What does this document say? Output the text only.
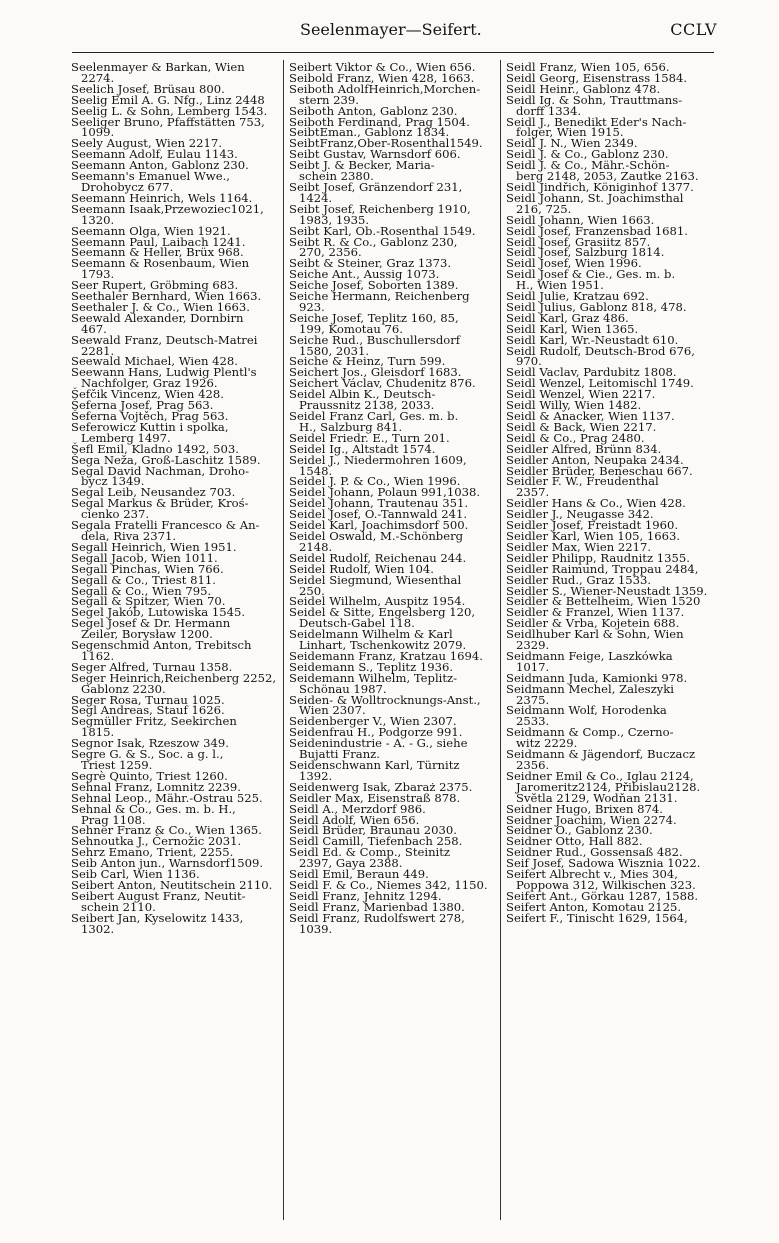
Seelenmayer—Seifert.	CCLV
Seelenmayer & Barkan, Wien
2274.
Seelich Josef, Brüsau 800.
Seelig Emil A. G. Nfg., Linz 2448
Seelig L. & Sohn, Lemberg 1543.
Seeliger Bruno, Pfaffstätten 753,
1099.
Seely August, Wien 2217.
Seemann Adolf, Eulau 1143.
Seemann Anton, Gablonz 230.
Seemann's Emanuel Wwe.,
Drohobycz 677.
Seemann Heinrich, Wels 1164.
Seemann Isaak,Przewoziec1021,
1320.
Seemann Olga, Wien 1921.
Seemann Paul, Laibach 1241.
Seemann & Heller, Brüx 968.
Seemann & Rosenbaum, Wien
1793.
Seer Rupert, Gröbming 683.
Seethaler Bernhard, Wien 1663.
Seethaler J. & Co., Wien 1663.
Seewald Alexander, Dornbirn
467.
Seewald Franz, Deutsch-Matrei
2281.
Seewald Michael, Wien 428.
Seewann Hans, Ludwig Plentl's
Nachfolger, Graz 1926.
Šefčik Vincenz, Wien 428.
Šeferna Josef, Prag 563.
Šeferna Vojtěch, Prag 563.
Seferowicz Kuttin i spolka,
Lemberg 1497.
Šefl Emil, Kladno 1492, 503.
Šega Neža, Groß-Laschitz 1589.
Segal David Nachman, Droho-
bycz 1349.
Segal Leib, Neusandez 703.
Segal Markus & Brüder, Kroś-
cienko 237.
Segala Fratelli Francesco & An-
dela, Riva 2371.
Segall Heinrich, Wien 1951.
Segall Jacob, Wien 1011.
Segall Pinchas, Wien 766.
Segall & Co., Triest 811.
Segall & Co., Wien 795.
Segall & Spitzer, Wien 70.
Segel Jakób, Lutowiska 1545.
Segel Josef & Dr. Hermann
Zeiler, Borysław 1200.
Segenschmid Anton, Trebitsch
1162.
Seger Alfred, Turnau 1358.
Seger Heinrich,Reichenberg 2252,
Gablonz 2230.
Seger Rosa, Turnau 1025.
Segl Andreas, Stauf 1626.
Segmüller Fritz, Seekirchen
1815.
Segnor Isak, Rzeszow 349.
Segre G. & S., Soc. a g. l.,
Triest 1259.
Segrè Quinto, Triest 1260.
Sehnal Franz, Lomnitz 2239.
Sehnal Leop., Mähr.-Ostrau 525.
Sehnal & Co., Ges. m. b. H.,
Prag 1108.
Sehner Franz & Co., Wien 1365.
Sehnoutka J., Černožic 2031.
Sehrz Emano, Trient, 2255.
Seib Anton jun., Warnsdorf1509.
Seib Carl, Wien 1136.
Seibert Anton, Neutitschein 2110.
Seibert August Franz, Neutit-
schein 2110.
Seibert Jan, Kyselowitz 1433,
1302.
Seibert Viktor & Co., Wien 656.
Seibold Franz, Wien 428, 1663.
Seiboth AdolfHeinrich,Morchen-
stern 239.
Seiboth Anton, Gablonz 230.
Seiboth Ferdinand, Prag 1504.
SeibtEman., Gablonz 1834.
SeibtFranz,Ober-Rosenthal1549.
Seibt Gustav, Warnsdorf 606.
Seibt J. & Becker, Maria-
schein 2380.
Seibt Josef, Gränzendorf 231,
1424.
Seibt Josef, Reichenberg 1910,
1983, 1935.
Seibt Karl, Ob.-Rosenthal 1549.
Seibt R. & Co., Gablonz 230,
270, 2356.
Seibt & Steiner, Graz 1373.
Seiche Ant., Aussig 1073.
Seiche Josef, Soborten 1389.
Seiche Hermann, Reichenberg
923.
Seiche Josef, Teplitz 160, 85,
199, Komotau 76.
Seiche Rud., Buschullersdorf
1580, 2031.
Seiche & Heinz, Turn 599.
Seichert Jos., Gleisdorf 1683.
Seichert Václav, Chudenitz 876.
Seidel Albin K., Deutsch-
Praussnitz 2138, 2033.
Seidel Franz Carl, Ges. m. b.
H., Salzburg 841.
Seidel Friedr. E., Turn 201.
Seidel Ig., Altstadt 1574.
Seidel J., Niedermohren 1609,
1548.
Seidel J. P. & Co., Wien 1996.
Seidel Johann, Polaun 991,1038.
Seidel Johann, Trautenau 351.
Seidel Josef, O.-Tannwald 241.
Seidel Karl, Joachimsdorf 500.
Seidel Oswald, M.-Schönberg
2148.
Seidel Rudolf, Reichenau 244.
Seidel Rudolf, Wien 104.
Seidel Siegmund, Wiesenthal
250.
Seidel Wilhelm, Auspitz 1954.
Seidel & Sitte, Engelsberg 120,
Deutsch-Gabel 118.
Seidelmann Wilhelm & Karl
Linhart, Tschenkowitz 2079.
Seidemann Franz, Kratzau 1694.
Seidemann S., Teplitz 1936.
Seidemann Wilhelm, Teplitz-
Schönau 1987.
Seiden- & Wolltrocknungs-Anst.,
Wien 2307.
Seidenberger V., Wien 2307.
Seidenfrau H., Podgorze 991.
Seidenindustrie - A. - G., siehe
Bujatti Franz.
Seidenschwann Karl, Türnitz
1392.
Seidenwerg Isak, Zbaraż 2375.
Seidler Max, Eisenstraß 878.
Seidl A., Merzdorf 986.
Seidl Adolf, Wien 656.
Seidl Brüder, Braunau 2030.
Seidl Camill, Tiefenbach 258.
Seidl Ed. & Comp., Steinitz
2397, Gaya 2388.
Seidl Emil, Beraun 449.
Seidl F. & Co., Niemes 342, 1150.
Seidl Franz, Jehnitz 1294.
Seidl Franz, Marienbad 1380.
Seidl Franz, Rudolfswert 278,
1039.
Seidl Franz, Wien 105, 656.
Seidl Georg, Eisenstrass 1584.
Seidl Heinr., Gablonz 478.
Seidl Ig. & Sohn, Trauttmans-
dorff 1334.
Seidl J., Benedikt Eder's Nach-
folger, Wien 1915.
Seidl J. N., Wien 2349.
Seidl J. & Co., Gablonz 230.
Seidl J. & Co., Mähr.-Schön-
berg 2148, 2053, Zautke 2163.
Seidl Jindřich, Königinhof 1377.
Seidl Johann, St. Joachimsthal
216, 725.
Seidl Johann, Wien 1663.
Seidl Josef, Franzensbad 1681.
Seidl Josef, Grasiitz 857.
Seidl Josef, Salzburg 1814.
Seidl Josef, Wien 1996.
Seidl Josef & Cie., Ges. m. b.
H., Wien 1951.
Seidl Julie, Kratzau 692.
Seidl Julius, Gablonz 818, 478.
Seidl Karl, Graz 486.
Seidl Karl, Wien 1365.
Seidl Karl, Wr.-Neustadt 610.
Seidl Rudolf, Deutsch-Brod 676,
970.
Seidl Vaclav, Pardubitz 1808.
Seidl Wenzel, Leitomischl 1749.
Seidl Wenzel, Wien 2217.
Seidl Willy, Wien 1482.
Seidl & Anacker, Wien 1137.
Seidl & Back, Wien 2217.
Seidl & Co., Prag 2480.
Seidler Alfred, Brünn 834.
Seidler Anton, Neupaka 2434.
Seidler Brüder, Beneschau 667.
Seidler F. W., Freudenthal
2357.
Seidler Hans & Co., Wien 428.
Seidler J., Neugasse 342.
Seidler Josef, Freistadt 1960.
Seidler Karl, Wien 105, 1663.
Seidler Max, Wien 2217.
Seidler Philipp, Raudnitz 1355.
Seidler Raimund, Troppau 2484,
Seidler Rud., Graz 1533.
Seidler S., Wiener-Neustadt 1359.
Seidler & Bettelheim, Wien 1520
Seidler & Franzel, Wien 1137.
Seidler & Vrba, Kojetein 688.
Seidlhuber Karl & Sohn, Wien
2329.
Seidmann Feige, Laszkówka
1017.
Seidmann Juda, Kamionki 978.
Seidmann Mechel, Zaleszyki
2375.
Seidmann Wolf, Horodenka
2533.
Seidmann & Comp., Czerno-
witz 2229.
Seidmann & Jägendorf, Buczacz
2356.
Seidner Emil & Co., Iglau 2124,
Jaromeritz2124, Přibislau2128.
Svĕtla 2129, Wodňan 2131.
Seidner Hugo, Brixen 874.
Seidner Joachim, Wien 2274.
Seidner O., Gablonz 230.
Seidner Otto, Hall 882.
Seidner Rud., Gossensaß 482.
Seif Josef, Sadowa Wisznia 1022.
Seifert Albrecht v., Mies 304,
Poppowa 312, Wilkischen 323.
Seifert Ant., Görkau 1287, 1588.
Seifert Anton, Komotau 2125.
Seifert F., Tinischt 1629, 1564,
